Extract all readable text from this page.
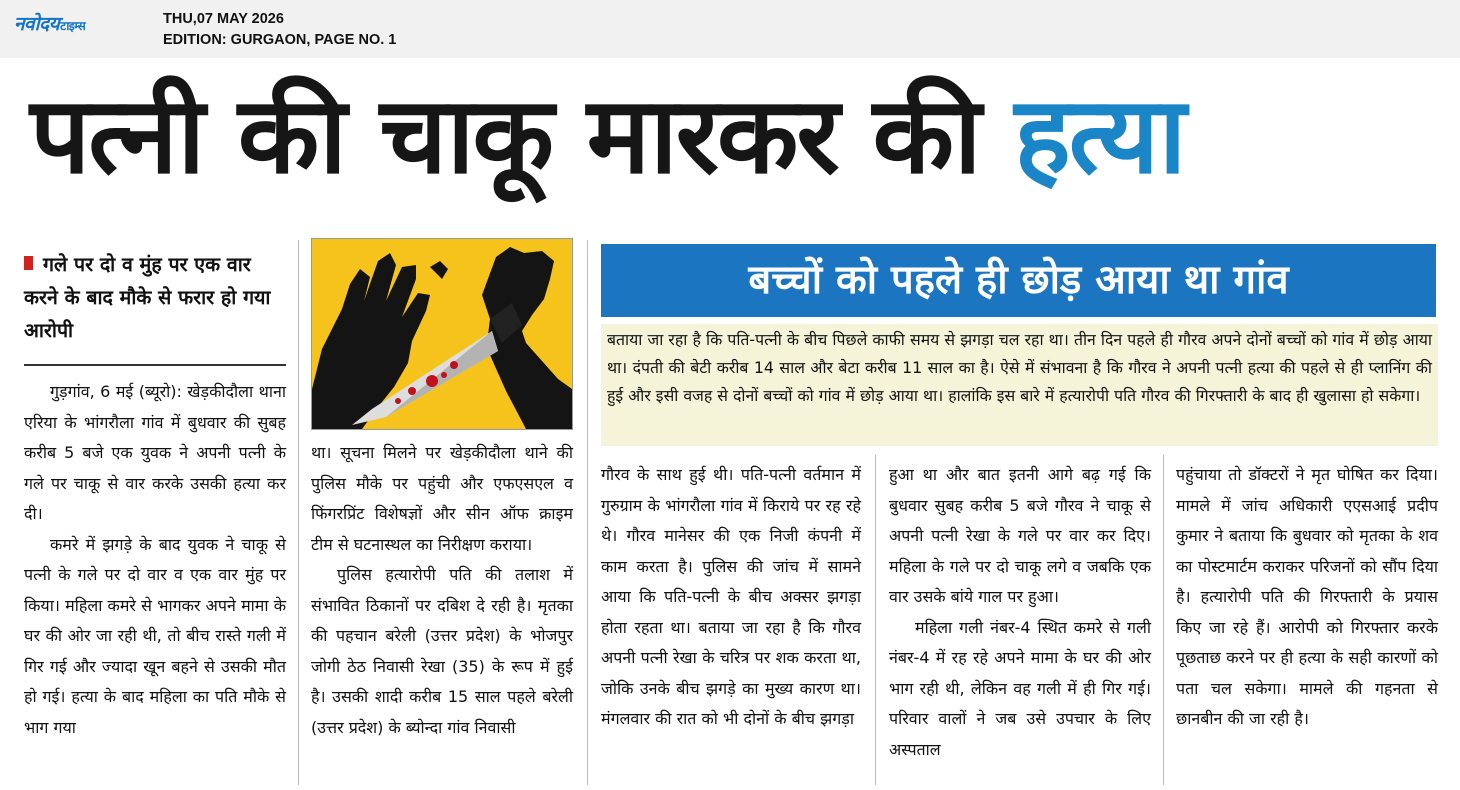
नवोदयटाइम्स	THU,07 MAY 2026
EDITION: GURGAON, PAGE NO. 1
पत्नी की चाकू मारकर की हत्या
गले पर दो व मुंह पर एक वार करने के बाद मौके से फरार हो गया आरोपी
बच्चों को पहले ही छोड़ आया था गांव
बताया जा रहा है कि पति-पत्नी के बीच पिछले काफी समय से झगड़ा चल रहा था। तीन दिन पहले ही गौरव अपने दोनों बच्चों को गांव में छोड़ आया था। दंपती की बेटी करीब 14 साल और बेटा करीब 11 साल का है। ऐसे में संभावना है कि गौरव ने अपनी पत्नी हत्या की पहले से ही प्लानिंग की हुई और इसी वजह से दोनों बच्चों को गांव में छोड़ आया था। हालांकि इस बारे में हत्यारोपी पति गौरव की गिरफ्तारी के बाद ही खुलासा हो सकेगा।

गुड़गांव, 6 मई (ब्यूरो): खेड़कीदौला थाना एरिया के भांगरौला गांव में बुधवार की सुबह करीब 5 बजे एक युवक ने अपनी पत्नी के गले पर चाकू से वार करके उसकी हत्या कर दी।

कमरे में झगड़े के बाद युवक ने चाकू से पत्नी के गले पर दो वार व एक वार मुंह पर किया। महिला कमरे से भागकर अपने मामा के घर की ओर जा रही थी, तो बीच रास्ते गली में गिर गई और ज्यादा खून बहने से उसकी मौत हो गई। हत्या के बाद महिला का पति मौके से भाग गया

था। सूचना मिलने पर खेड़कीदौला थाने की पुलिस मौके पर पहुंची और एफएसएल व फिंगरप्रिंट विशेषज्ञों और सीन ऑफ क्राइम टीम से घटनास्थल का निरीक्षण कराया।

पुलिस हत्यारोपी पति की तलाश में संभावित ठिकानों पर दबिश दे रही है। मृतका की पहचान बरेली (उत्तर प्रदेश) के भोजपुर जोगी ठेठ निवासी रेखा (35) के रूप में हुई है। उसकी शादी करीब 15 साल पहले बरेली (उत्तर प्रदेश) के ब्योन्दा गांव निवासी

गौरव के साथ हुई थी। पति-पत्नी वर्तमान में गुरुग्राम के भांगरौला गांव में किराये पर रह रहे थे। गौरव मानेसर की एक निजी कंपनी में काम करता है। पुलिस की जांच में सामने आया कि पति-पत्नी के बीच अक्सर झगड़ा होता रहता था। बताया जा रहा है कि गौरव अपनी पत्नी रेखा के चरित्र पर शक करता था, जोकि उनके बीच झगड़े का मुख्य कारण था। मंगलवार की रात को भी दोनों के बीच झगड़ा

हुआ था और बात इतनी आगे बढ़ गई कि बुधवार सुबह करीब 5 बजे गौरव ने चाकू से अपनी पत्नी रेखा के गले पर वार कर दिए। महिला के गले पर दो चाकू लगे व जबकि एक वार उसके बांये गाल पर हुआ।

महिला गली नंबर-4 स्थित कमरे से गली नंबर-4 में रह रहे अपने मामा के घर की ओर भाग रही थी, लेकिन वह गली में ही गिर गई। परिवार वालों ने जब उसे उपचार के लिए अस्पताल

पहुंचाया तो डॉक्टरों ने मृत घोषित कर दिया। मामले में जांच अधिकारी एएसआई प्रदीप कुमार ने बताया कि बुधवार को मृतका के शव का पोस्टमार्टम कराकर परिजनों को सौंप दिया है। हत्यारोपी पति की गिरफ्तारी के प्रयास किए जा रहे हैं। आरोपी को गिरफ्तार करके पूछताछ करने पर ही हत्या के सही कारणों को पता चल सकेगा। मामले की गहनता से छानबीन की जा रही है।
